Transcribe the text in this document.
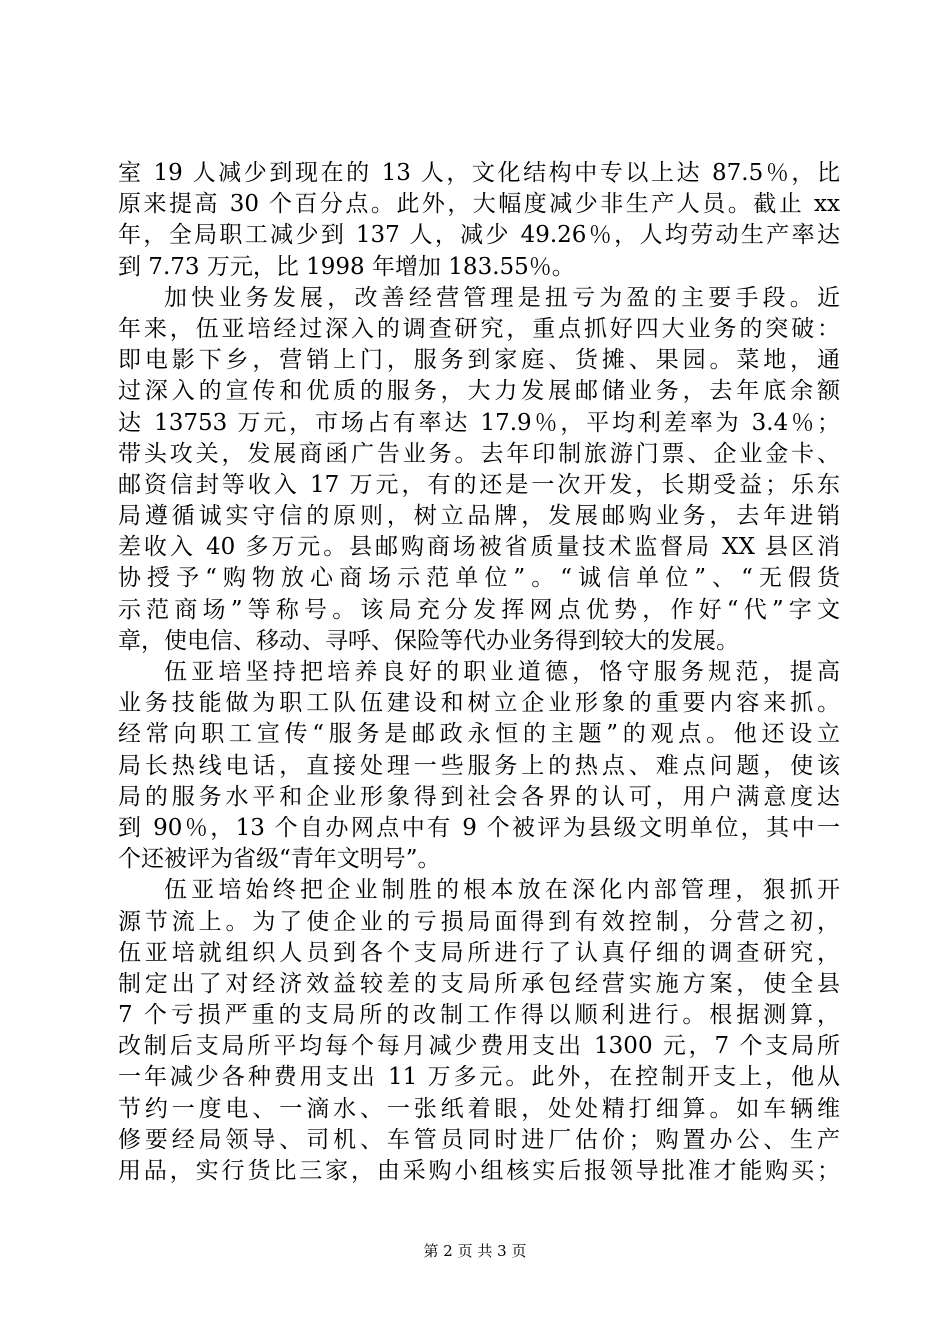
室 19 人减少到现在的 13 人，文化结构中专以上达 87.5％，比
原来提高 30 个百分点。此外，大幅度减少非生产人员。截止 xx
年，全局职工减少到 137 人，减少 49.26％，人均劳动生产率达
到 7.73 万元，比 1998 年增加 183.55％。
加快业务发展，改善经营管理是扭亏为盈的主要手段。近
年来，伍亚培经过深入的调查研究，重点抓好四大业务的突破：
即电影下乡，营销上门，服务到家庭、货摊、果园。菜地，通
过深入的宣传和优质的服务，大力发展邮储业务，去年底余额
达 13753 万元，市场占有率达 17.9％，平均利差率为 3.4％；
带头攻关，发展商函广告业务。去年印制旅游门票、企业金卡、
邮资信封等收入 17 万元，有的还是一次开发，长期受益；乐东
局遵循诚实守信的原则，树立品牌，发展邮购业务，去年进销
差收入 40 多万元。县邮购商场被省质量技术监督局 XX 县区消
协授予“购物放心商场示范单位”。“诚信单位”、“无假货
示范商场”等称号。该局充分发挥网点优势，作好“代”字文
章，使电信、移动、寻呼、保险等代办业务得到较大的发展。
伍亚培坚持把培养良好的职业道德，恪守服务规范，提高
业务技能做为职工队伍建设和树立企业形象的重要内容来抓。
经常向职工宣传“服务是邮政永恒的主题”的观点。他还设立
局长热线电话，直接处理一些服务上的热点、难点问题，使该
局的服务水平和企业形象得到社会各界的认可，用户满意度达
到 90％，13 个自办网点中有 9 个被评为县级文明单位，其中一
个还被评为省级“青年文明号”。
伍亚培始终把企业制胜的根本放在深化内部管理，狠抓开
源节流上。为了使企业的亏损局面得到有效控制，分营之初，
伍亚培就组织人员到各个支局所进行了认真仔细的调查研究，
制定出了对经济效益较差的支局所承包经营实施方案，使全县
7 个亏损严重的支局所的改制工作得以顺利进行。根据测算，
改制后支局所平均每个每月减少费用支出 1300 元，7 个支局所
一年减少各种费用支出 11 万多元。此外，在控制开支上，他从
节约一度电、一滴水、一张纸着眼，处处精打细算。如车辆维
修要经局领导、司机、车管员同时进厂估价；购置办公、生产
用品，实行货比三家，由采购小组核实后报领导批准才能购买；
第 2 页 共 3 页
